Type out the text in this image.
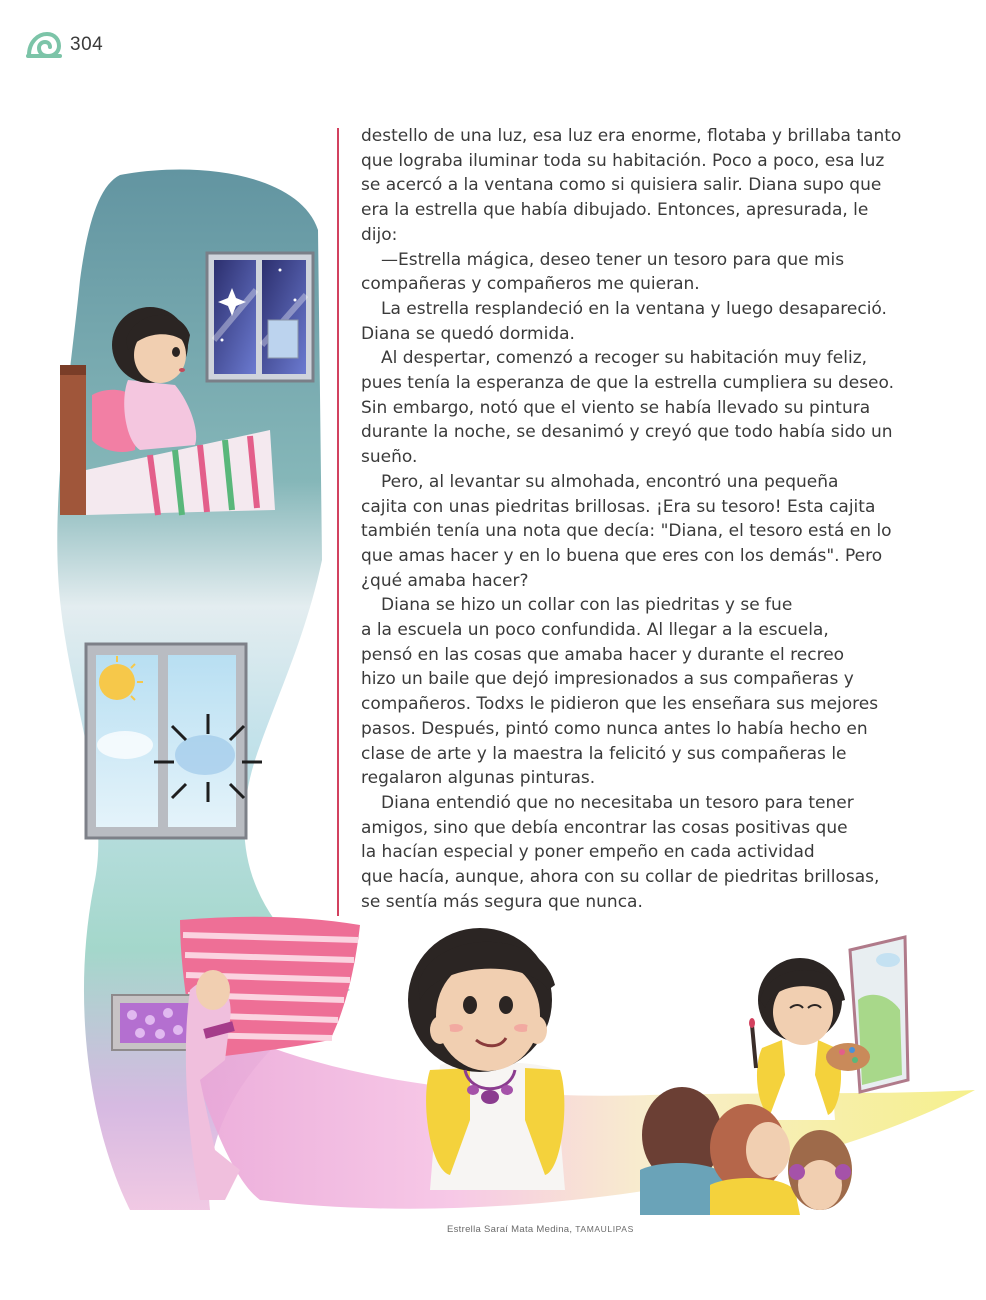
304
destello de una luz, esa luz era enorme, flotaba y brillaba tanto
que lograba iluminar toda su habitación. Poco a poco, esa luz
se acercó a la ventana como si quisiera salir. Diana supo que
era la estrella que había dibujado. Entonces, apresurada, le
dijo:
—Estrella mágica, deseo tener un tesoro para que mis
compañeras y compañeros me quieran.
La estrella resplandeció en la ventana y luego desapareció.
Diana se quedó dormida.
Al despertar, comenzó a recoger su habitación muy feliz,
pues tenía la esperanza de que la estrella cumpliera su deseo.
Sin embargo, notó que el viento se había llevado su pintura
durante la noche, se desanimó y creyó que todo había sido un
sueño.
Pero, al levantar su almohada, encontró una pequeña
cajita con unas piedritas brillosas. ¡Era su tesoro! Esta cajita
también tenía una nota que decía: "Diana, el tesoro está en lo
que amas hacer y en lo buena que eres con los demás". Pero
¿qué amaba hacer?
Diana se hizo un collar con las piedritas y se fue
a la escuela un poco confundida. Al llegar a la escuela,
pensó en las cosas que amaba hacer y durante el recreo
hizo un baile que dejó impresionados a sus compañeras y
compañeros. Todxs le pidieron que les enseñara sus mejores
pasos. Después, pintó como nunca antes lo había hecho en
clase de arte y la maestra la felicitó y sus compañeras le
regalaron algunas pinturas.
Diana entendió que no necesitaba un tesoro para tener
amigos, sino que debía encontrar las cosas positivas que
la hacían especial y poner empeño en cada actividad
que hacía, aunque, ahora con su collar de piedritas brillosas,
se sentía más segura que nunca.
Estrella Saraí Mata Medina, TAMAULIPAS
